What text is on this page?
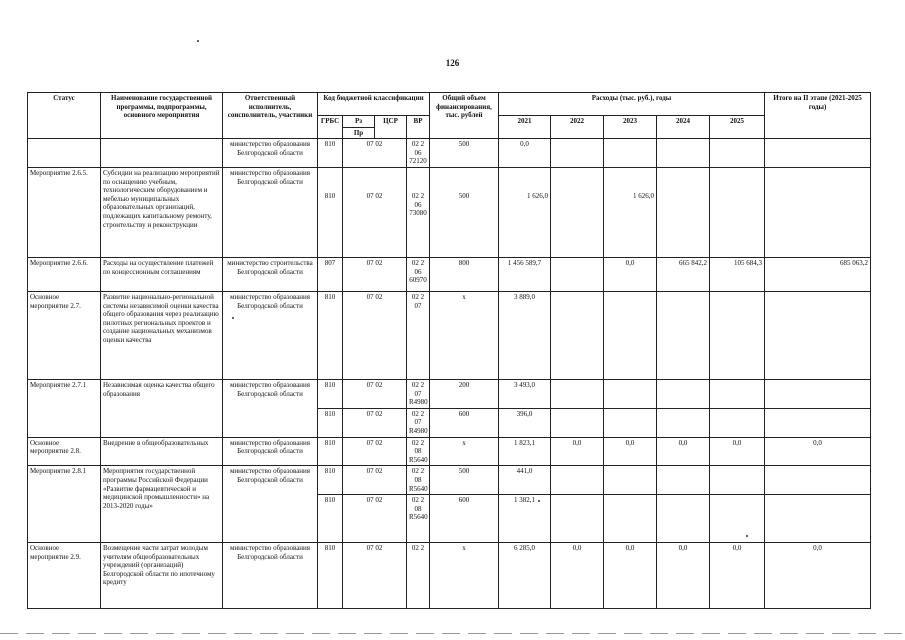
126
Статус	Наименование государственной программы, подпрограммы, основного мероприятия	Ответственный исполнитель, соисполнитель, участники	Код бюджетной классификации				Общий объем финансирования, тыс. рублей	Расходы (тыс. руб.), годы					Итого на II этапе (2021-2025 годы)	
			ГРБС	Рз	ЦСР	ВР		2021	2022	2023	2024	2025		
				Пр										
		министерство образования Белгородской области	810	07 02		02 2 06 72120	500	0,0						
Мероприятие 2.6.5.	Субсидии на реализацию мероприятий по оснащению учебным, технологическим оборудованием и мебелью муниципальных образовательных организаций, подлежащих капитальному ремонту, строительству и реконструкции	министерство образования Белгородской области	810	07 02		02 2 06 73080	500	1 626,0		1 626,0				
Мероприятие 2.6.6.	Расходы на осуществление платежей по концессионным соглашениям	министерство строительства Белгородской области	807	07 02		02 2 06 60970	800	1 456 589,7		0,0	665 842,2	105 684,3	685 063,2	
Основное мероприятие 2.7.	Развитие национально-региональной системы независимой оценки качества общего образования через реализацию пилотных региональных проектов и создание национальных механизмов оценки качества	министерство образования Белгородской области	810	07 02		02 2 07	х	3 889,0						
Мероприятие 2.7.1	Независимая оценка качества общего образования	министерство образования Белгородской области	810	07 02		02 2 07 R4980	200	3 493,0						
			810	07 02		02 2 07 R4980	600	396,0						
Основное мероприятие 2.8.	Внедрение в общеобразовательных	министерство образования Белгородской области	810	07 02		02 2 08 R5640	х	1 823,1	0,0	0,0	0,0	0,0	0,0	
Мероприятие 2.8.1	Мероприятия государственной программы Российской Федерации «Развитие фармацевтической и медицинской промышленности» на 2013-2020 годы»	министерство образования Белгородской области	810	07 02		02 2 08 R5640	500	441,0						
			810	07 02		02 2 08 R5640	600	1 382,1						
Основное мероприятие 2.9.	Возмещение части затрат молодым учителям общеобразовательных учреждений (организаций) Белгородской области по ипотечному кредиту	министерство образования Белгородской области	810	07 02		02 2	х	6 285,0	0,0	0,0	0,0	0,0	0,0	
